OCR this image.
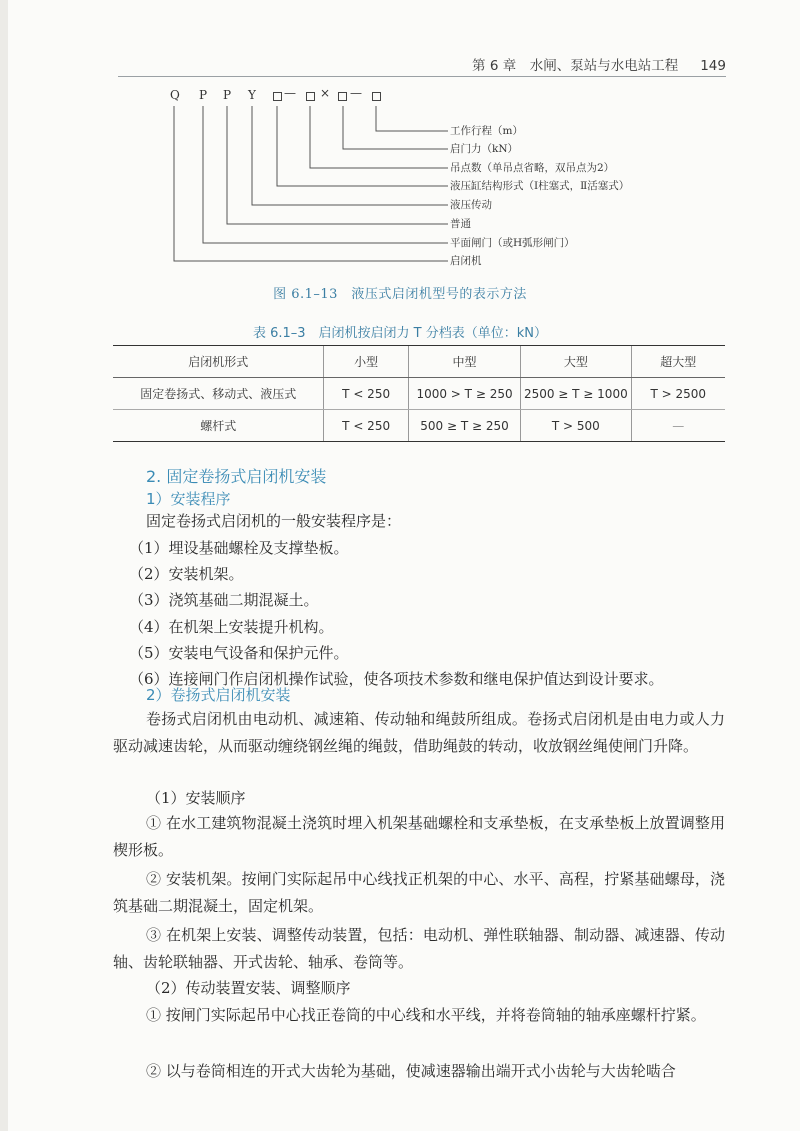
第 6 章　水闸、泵站与水电站工程 149
Q P P Y — × —
工作行程（m）
启门力（kN）
吊点数（单吊点省略，双吊点为2）
液压缸结构形式（Ⅰ柱塞式，Ⅱ活塞式）
液压传动
普通
平面闸门（或H弧形闸门）
启闭机
图 6.1–13　液压式启闭机型号的表示方法
表 6.1–3　启闭机按启闭力 T 分档表（单位：kN）
启闭机形式	小型	中型	大型	超大型
固定卷扬式、移动式、液压式	T < 250	1000 > T ≥ 250	2500 ≥ T ≥ 1000	T > 2500
螺杆式	T < 250	500 ≥ T ≥ 250	T > 500	—
2. 固定卷扬式启闭机安装
1）安装程序
固定卷扬式启闭机的一般安装程序是：
（1）埋设基础螺栓及支撑垫板。
（2）安装机架。
（3）浇筑基础二期混凝土。
（4）在机架上安装提升机构。
（5）安装电气设备和保护元件。
（6）连接闸门作启闭机操作试验，使各项技术参数和继电保护值达到设计要求。
2）卷扬式启闭机安装
卷扬式启闭机由电动机、减速箱、传动轴和绳鼓所组成。卷扬式启闭机是由电力或人力驱动减速齿轮，从而驱动缠绕钢丝绳的绳鼓，借助绳鼓的转动，收放钢丝绳使闸门升降。
（1）安装顺序
① 在水工建筑物混凝土浇筑时埋入机架基础螺栓和支承垫板，在支承垫板上放置调整用楔形板。
② 安装机架。按闸门实际起吊中心线找正机架的中心、水平、高程，拧紧基础螺母，浇筑基础二期混凝土，固定机架。
③ 在机架上安装、调整传动装置，包括：电动机、弹性联轴器、制动器、减速器、传动轴、齿轮联轴器、开式齿轮、轴承、卷筒等。
（2）传动装置安装、调整顺序
① 按闸门实际起吊中心找正卷筒的中心线和水平线，并将卷筒轴的轴承座螺杆拧紧。
② 以与卷筒相连的开式大齿轮为基础，使减速器输出端开式小齿轮与大齿轮啮合
